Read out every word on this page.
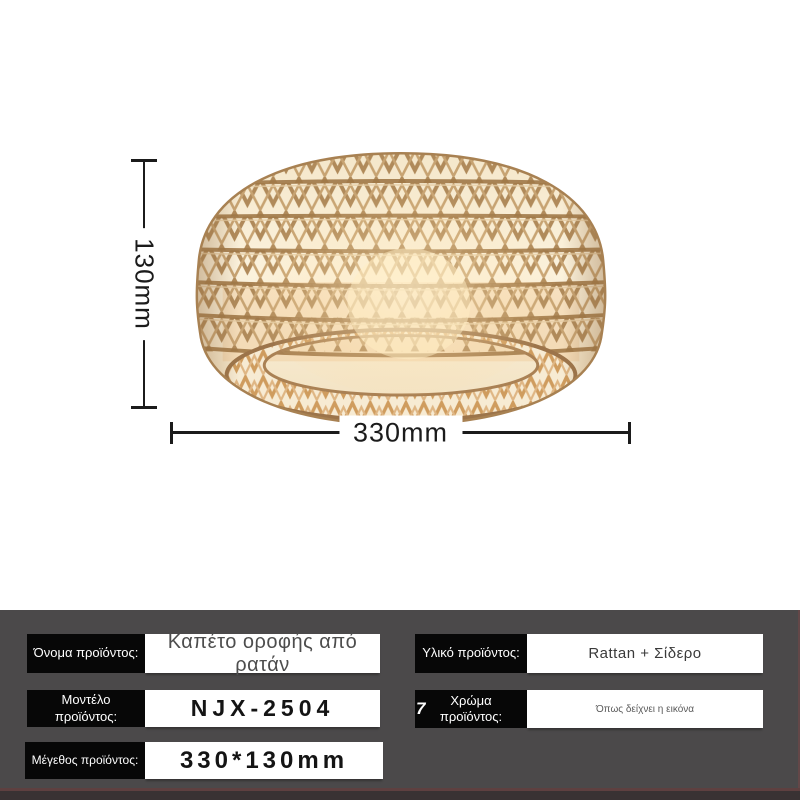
130mm
330mm
Όνομα προϊόντος:
Καπέτο οροφής από ρατάν
Μοντέλο προϊόντος:	NJX-2504
Μέγεθος προϊόντος:	330*130mm
Υλικό προϊόντος:	Rattan + Σίδερο
7	Χρώμα προϊόντος:	Όπως δείχνει η εικόνα
